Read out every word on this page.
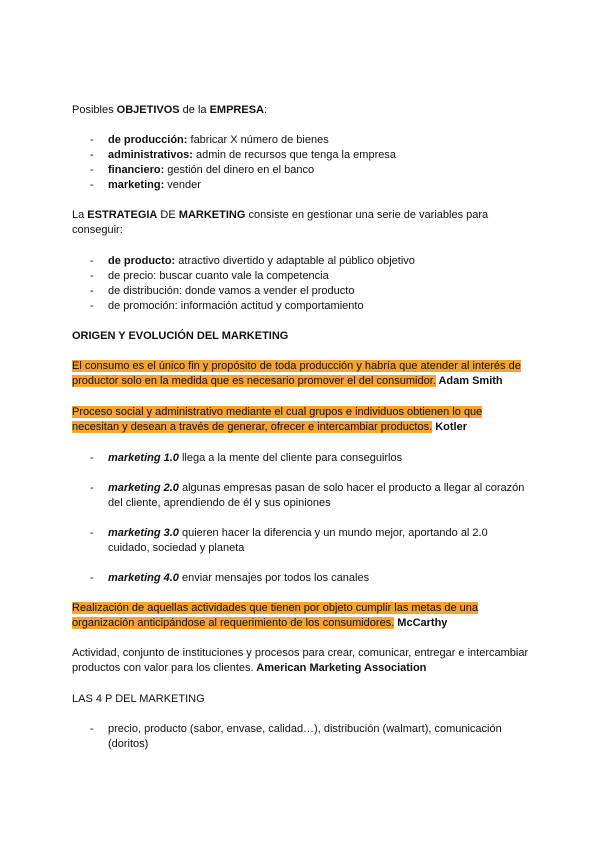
Posibles OBJETIVOS de la EMPRESA:
- de producción: fabricar X número de bienes
- administrativos: admin de recursos que tenga la empresa
- financiero: gestión del dinero en el banco
- marketing: vender
La ESTRATEGIA DE MARKETING consiste en gestionar una serie de variables para conseguir:
- de producto: atractivo divertido y adaptable al público objetivo
- de precio: buscar cuanto vale la competencia
- de distribución: donde vamos a vender el producto
- de promoción: información actitud y comportamiento
ORIGEN Y EVOLUCIÓN DEL MARKETING
El consumo es el único fin y propósito de toda producción y habría que atender al interés de productor solo en la medida que es necesario promover el del consumidor. Adam Smith
Proceso social y administrativo mediante el cual grupos e individuos obtienen lo que necesitan y desean a través de generar, ofrecer e intercambiar productos. Kotler
- marketing 1.0 llega a la mente del cliente para conseguirlos
- marketing 2.0 algunas empresas pasan de solo hacer el producto a llegar al corazón del cliente, aprendiendo de él y sus opiniones
- marketing 3.0 quieren hacer la diferencia y un mundo mejor, aportando al 2.0 cuidado, sociedad y planeta
- marketing 4.0 enviar mensajes por todos los canales
Realización de aquellas actividades que tienen por objeto cumplir las metas de una organización anticipándose al requerimiento de los consumidores. McCarthy
Actividad, conjunto de instituciones y procesos para crear, comunicar, entregar e intercambiar productos con valor para los clientes. American Marketing Association
LAS 4 P DEL MARKETING
- precio, producto (sabor, envase, calidad…), distribución (walmart), comunicación (doritos)
